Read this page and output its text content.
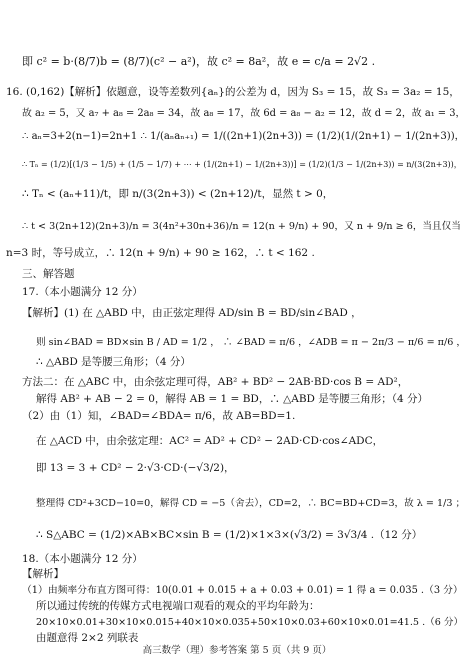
即 c² = b·(8/7)b = (8/7)(c² − a²)，故 c² = 8a²，故 e = c/a = 2√2 .
16. (0,162)【解析】依题意，设等差数列{aₙ}的公差为 d，因为 S₃ = 15，故 S₃ = 3a₂ = 15，
故 a₂ = 5，又 a₇ + a₈ = 2a₈ = 34，故 a₈ = 17，故 6d = a₈ − a₂ = 12，故 d = 2，故 a₁ = 3，
∴ aₙ=3+2(n−1)=2n+1 ∴ 1/(aₙaₙ₊₁) = 1/((2n+1)(2n+3)) = (1/2)(1/(2n+1) − 1/(2n+3))，
∴ Tₙ = (1/2)[(1/3 − 1/5) + (1/5 − 1/7) + ⋯ + (1/(2n+1) − 1/(2n+3))] = (1/2)(1/3 − 1/(2n+3)) = n/(3(2n+3))，
∴ Tₙ < (aₙ+11)/t，即 n/(3(2n+3)) < (2n+12)/t，显然 t > 0，
∴ t < 3(2n+12)(2n+3)/n = 3(4n²+30n+36)/n = 12(n + 9/n) + 90，又 n + 9/n ≥ 6，当且仅当
n=3 时，等号成立，∴ 12(n + 9/n) + 90 ≥ 162，∴ t < 162 .
三、解答题
17.（本小题满分 12 分）
【解析】(1) 在 △ABD 中，由正弦定理得 AD/sin B = BD/sin∠BAD ，
则 sin∠BAD = BD×sin B / AD = 1/2 ， ∴ ∠BAD = π/6 ，∠ADB = π − 2π/3 − π/6 = π/6 ，
∴ △ABD 是等腰三角形；（4 分）
方法二：在 △ABC 中，由余弦定理可得，AB² + BD² − 2AB·BD·cos B = AD²，
解得 AB² + AB − 2 = 0，解得 AB = 1 = BD，∴ △ABD 是等腰三角形；（4 分）
（2）由（1）知，∠BAD=∠BDA= π/6，故 AB=BD=1.
在 △ACD 中，由余弦定理：AC² = AD² + CD² − 2AD·CD·cos∠ADC，
即 13 = 3 + CD² − 2·√3·CD·(−√3/2)，
整理得 CD²+3CD−10=0，解得 CD = −5（舍去），CD=2，∴ BC=BD+CD=3，故 λ = 1/3 ；
∴ S△ABC = (1/2)×AB×BC×sin B = (1/2)×1×3×(√3/2) = 3√3/4 .（12 分）
18.（本小题满分 12 分）
【解析】
（1）由频率分布直方图可得：10(0.01 + 0.015 + a + 0.03 + 0.01) = 1 得 a = 0.035 .（3 分）
所以通过传统的传媒方式电视端口观看的观众的平均年龄为：
20×10×0.01+30×10×0.015+40×10×0.035+50×10×0.03+60×10×0.01=41.5 .（6 分）
由题意得 2×2 列联表
高三数学（理）参考答案 第 5 页（共 9 页）
